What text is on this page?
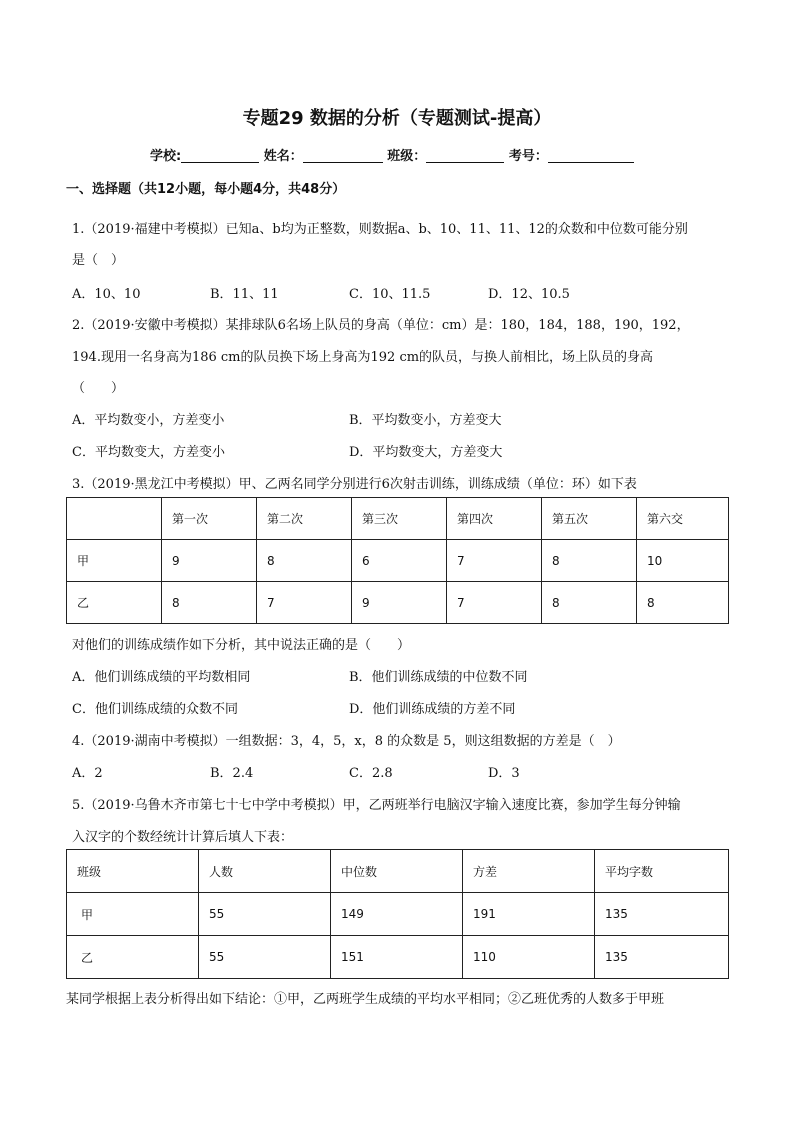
专题29 数据的分析（专题测试-提高）
学校:	姓名：	班级：	考号：
一、选择题（共12小题，每小题4分，共48分）
1.（2019·福建中考模拟）已知a、b均为正整数，则数据a、b、10、11、11、12的众数和中位数可能分别
是（　）
A．10、10	B．11、11	C．10、11.5	D．12、10.5
2.（2019·安徽中考模拟）某排球队6名场上队员的身高（单位：cm）是：180，184，188，190，192，
194.现用一名身高为186 cm的队员换下场上身高为192 cm的队员，与换人前相比，场上队员的身高
（　　）
A．平均数变小，方差变小	B．平均数变小，方差变大
C．平均数变大，方差变小	D．平均数变大，方差变大
3.（2019·黑龙江中考模拟）甲、乙两名同学分别进行6次射击训练，训练成绩（单位：环）如下表
	第一次	第二次	第三次	第四次	第五次	第六交
甲	9	8	6	7	8	10
乙	8	7	9	7	8	8
对他们的训练成绩作如下分析，其中说法正确的是（　　）
A．他们训练成绩的平均数相同	B．他们训练成绩的中位数不同
C．他们训练成绩的众数不同	D．他们训练成绩的方差不同
4.（2019·湖南中考模拟）一组数据：3，4，5，x，8 的众数是 5，则这组数据的方差是（　）
A．2	B．2.4	C．2.8	D．3
5.（2019·乌鲁木齐市第七十七中学中考模拟）甲，乙两班举行电脑汉字输入速度比赛，参加学生每分钟输
入汉字的个数经统计计算后填人下表：
班级	人数	中位数	方差	平均字数
甲	55	149	191	135
乙	55	151	110	135
某同学根据上表分析得出如下结论：①甲，乙两班学生成绩的平均水平相同；②乙班优秀的人数多于甲班
